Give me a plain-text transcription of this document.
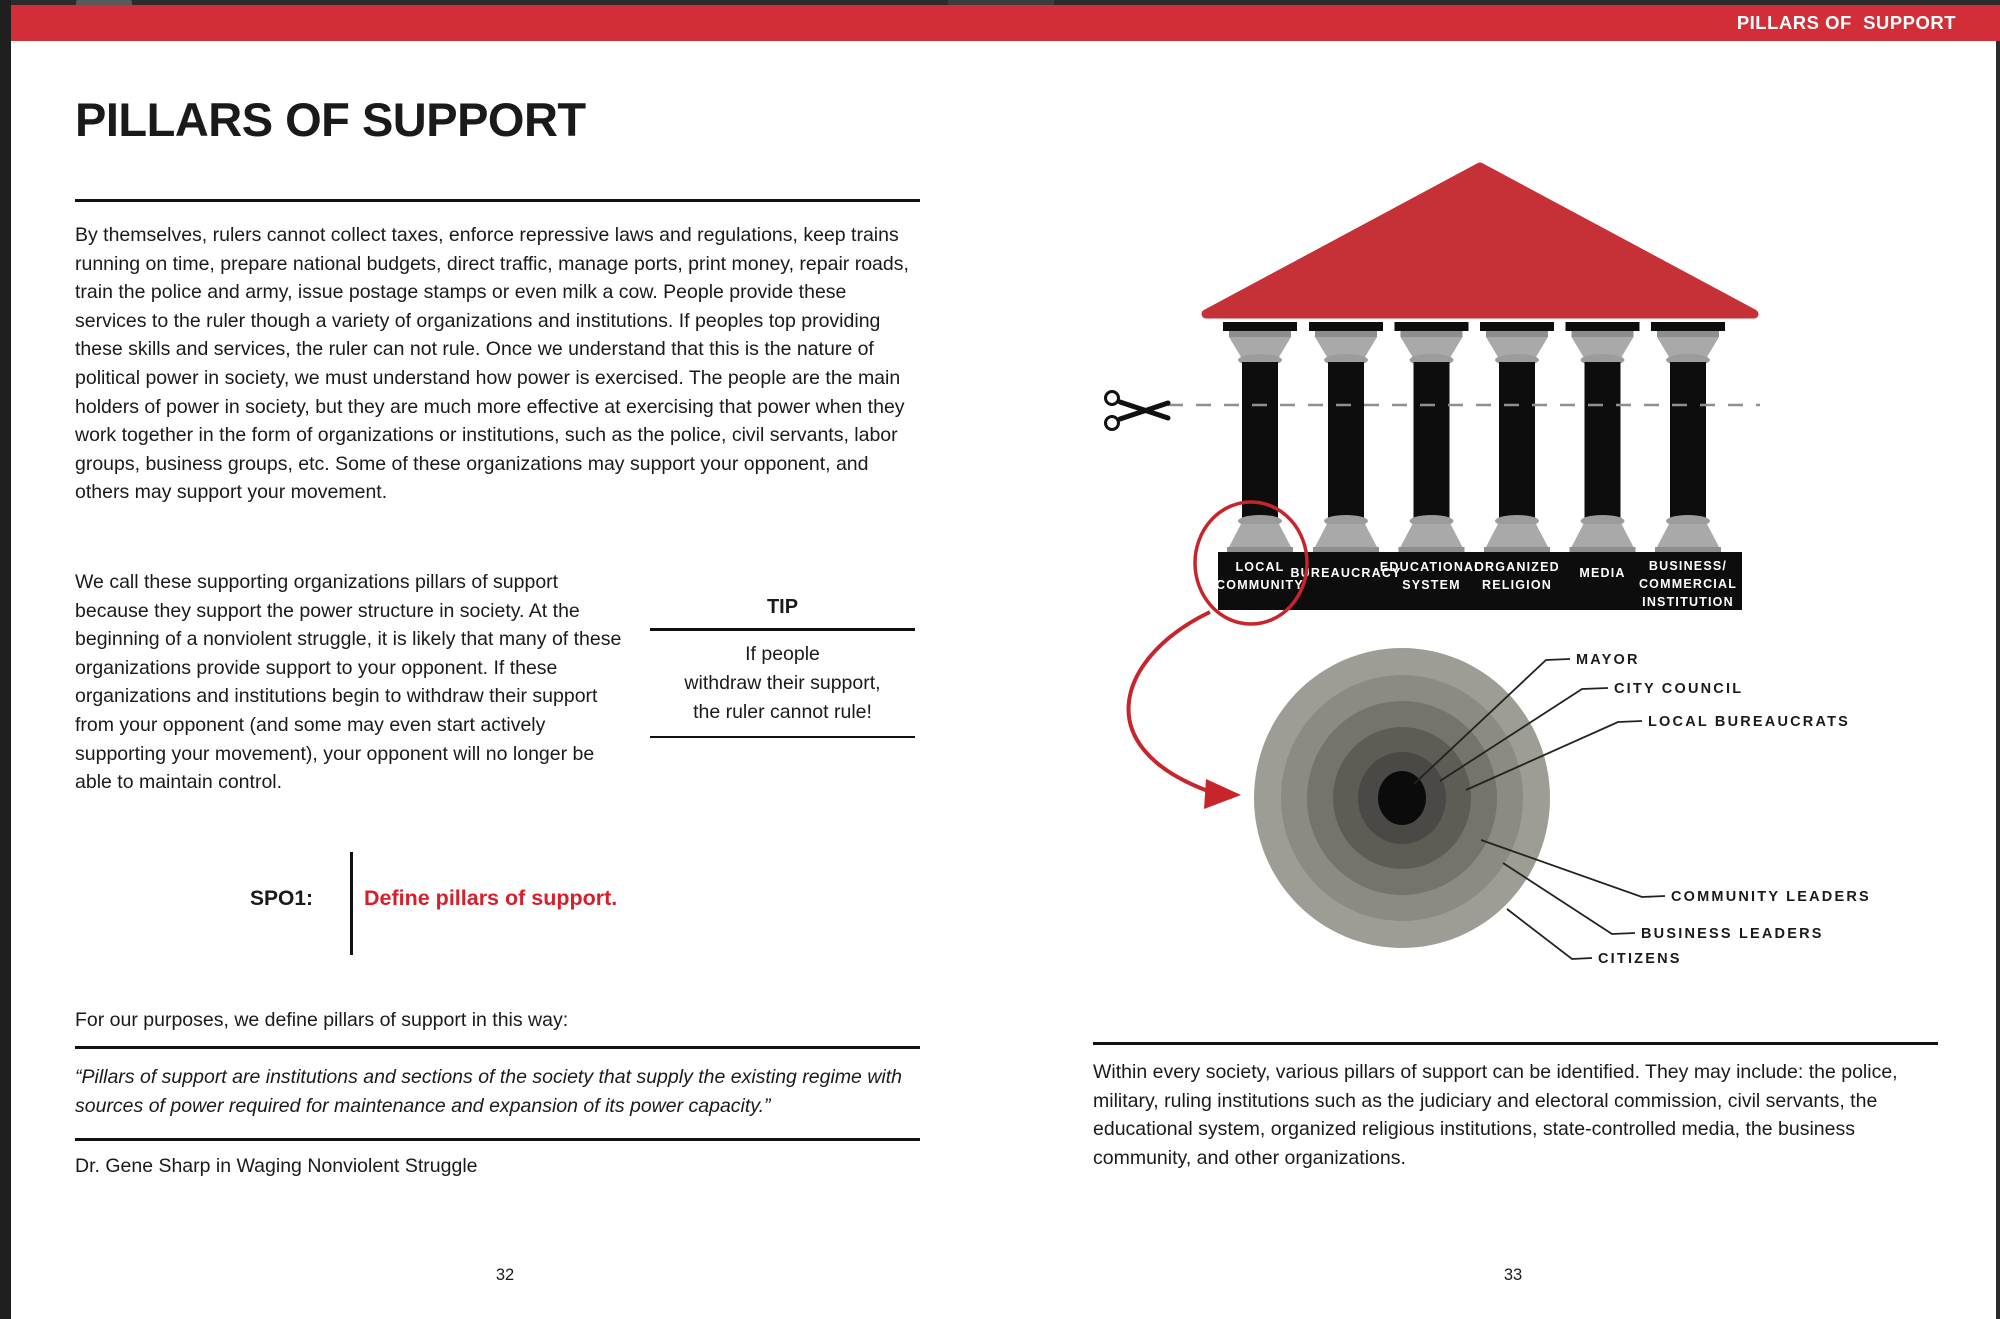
PILLARS OF  SUPPORT
PILLARS OF SUPPORT
By themselves, rulers cannot collect taxes, enforce repressive laws and regulations, keep trains running on time, prepare national budgets, direct traffic, manage ports, print money, repair roads, train the police and army, issue postage stamps or even milk a cow. People provide these services to the ruler though a variety of organizations and institutions. If peoples top providing these skills and services, the ruler can not rule. Once we understand that this is the nature of political power in society, we must understand how power is exercised. The people are the main holders of power in society, but they are much more effective at exercising that power when they work together in the form of organizations or institutions, such as the police, civil servants, labor groups, business groups, etc. Some of these organizations may support your opponent, and others may support your movement.
We call these supporting organizations pillars of support because they support the power structure in society. At the beginning of a nonviolent struggle, it is likely that many of these organizations provide support to your opponent. If these organizations and institutions begin to withdraw their support from your opponent (and some may even start actively supporting your movement), your opponent will no longer be able to maintain control.
TIP
If people
withdraw their support,
the ruler cannot rule!
SPO1: Define pillars of support.
For our purposes, we define pillars of support in this way:
“Pillars of support are institutions and sections of the society that supply the existing regime with sources of power required for maintenance and expansion of its power capacity.”
Dr. Gene Sharp in Waging Nonviolent Struggle
32
LOCAL
COMMUNITY
BUREAUCRACY
EDUCATIONAL
SYSTEM
ORGANIZED
RELIGION
MEDIA BUSINESS/
COMMERCIAL
INSTITUTION
MAYOR
CITY COUNCIL
LOCAL BUREAUCRATS
COMMUNITY LEADERS
BUSINESS LEADERS
CITIZENS
Within every society, various pillars of support can be identified. They may include: the police, military, ruling institutions such as the judiciary and electoral commission, civil servants, the educational system, organized religious institutions, state-controlled media, the business community, and other organizations.
33
